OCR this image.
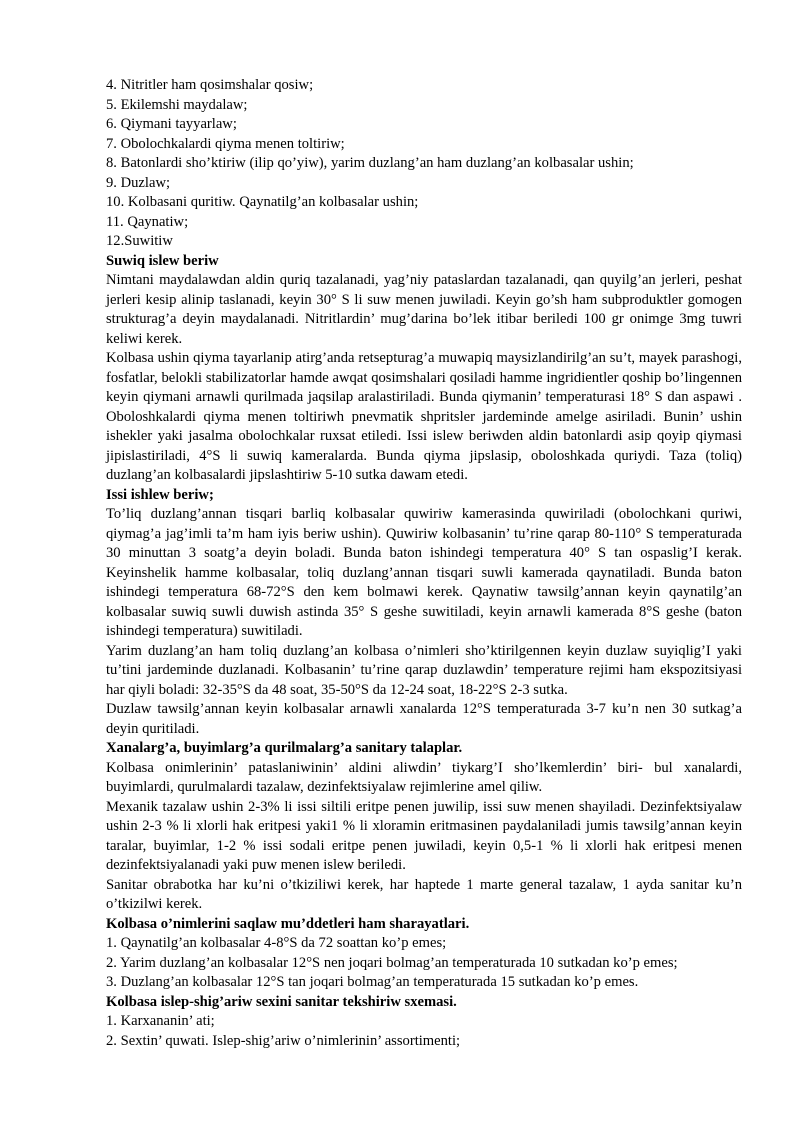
4. Nitritler ham qosimshalar qosiw;
5. Ekilemshi maydalaw;
6. Qiymani tayyarlaw;
7. Obolochkalardi qiyma menen toltiriw;
8. Batonlardi sho’ktiriw (ilip qo’yiw), yarim duzlang’an ham duzlang’an kolbasalar ushin;
9. Duzlaw;
10. Kolbasani quritiw. Qaynatilg’an kolbasalar ushin;
11. Qaynatiw;
12.Suwitiw
Suwiq islew beriw
Nimtani maydalawdan aldin quriq tazalanadi, yag’niy pataslardan tazalanadi, qan quyilg’an jerleri, peshat jerleri kesip alinip taslanadi, keyin 30° S li suw menen juwiladi. Keyin go’sh ham subproduktler gomogen strukturag’a deyin maydalanadi. Nitritlardin’ mug’darina bo’lek itibar beriledi 100 gr onimge 3mg tuwri keliwi kerek.
Kolbasa ushin qiyma tayarlanip atirg’anda retsepturag’a muwapiq maysizlandirilg’an su’t, mayek parashogi, fosfatlar, belokli stabilizatorlar hamde awqat qosimshalari qosiladi hamme ingridientler qoship bo’lingennen keyin qiymani arnawli qurilmada jaqsilap aralastiriladi. Bunda qiymanin’ temperaturasi 18° S dan aspawi . Oboloshkalardi qiyma menen toltiriwh pnevmatik shpritsler jardeminde amelge asiriladi. Bunin’ ushin ishekler yaki jasalma obolochkalar ruxsat etiledi. Issi islew beriwden aldin batonlardi asip qoyip qiymasi jipislastiriladi, 4°S li suwiq kameralarda. Bunda qiyma jipslasip, oboloshkada quriydi. Taza (toliq) duzlang’an kolbasalardi jipslashtiriw 5-10 sutka dawam etedi.
Issi ishlew beriw;
To’liq duzlang’annan tisqari barliq kolbasalar quwiriw kamerasinda quwiriladi (obolochkani quriwi, qiymag’a jag’imli ta’m ham iyis beriw ushin). Quwiriw kolbasanin’ tu’rine qarap 80-110° S temperaturada 30 minuttan 3 soatg’a deyin boladi. Bunda baton ishindegi temperatura 40° S tan ospaslig’I kerak. Keyinshelik hamme kolbasalar, toliq duzlang’annan tisqari suwli kamerada qaynatiladi. Bunda baton ishindegi temperatura 68-72°S den kem bolmawi kerek. Qaynatiw tawsilg’annan keyin qaynatilg’an kolbasalar suwiq suwli duwish astinda 35° S geshe suwitiladi, keyin arnawli kamerada 8°S geshe (baton ishindegi temperatura) suwitiladi.
Yarim duzlang’an ham toliq duzlang’an kolbasa o’nimleri sho’ktirilgennen keyin duzlaw suyiqlig’I yaki tu’tini jardeminde duzlanadi. Kolbasanin’ tu’rine qarap duzlawdin’ temperature rejimi ham ekspozitsiyasi har qiyli boladi: 32-35°S da 48 soat, 35-50°S da 12-24 soat, 18-22°S 2-3 sutka.
Duzlaw tawsilg’annan keyin kolbasalar arnawli xanalarda 12°S temperaturada 3-7 ku’n nen 30 sutkag’a deyin quritiladi.
Xanalarg’a, buyimlarg’a qurilmalarg’a sanitary talaplar.
Kolbasa onimlerinin’ pataslaniwinin’ aldini aliwdin’ tiykarg’I sho’lkemlerdin’ biri- bul xanalardi, buyimlardi, qurulmalardi tazalaw, dezinfektsiyalaw rejimlerine amel qiliw.
Mexanik tazalaw ushin 2-3% li issi siltili eritpe penen juwilip, issi suw menen shayiladi. Dezinfektsiyalaw ushin 2-3 % li xlorli hak eritpesi yaki1 % li xloramin eritmasinen paydalaniladi jumis tawsilg’annan keyin taralar, buyimlar, 1-2 % issi sodali eritpe penen juwiladi, keyin 0,5-1 % li xlorli hak eritpesi menen dezinfektsiyalanadi yaki puw menen islew beriledi.
Sanitar obrabotka har ku’ni o’tkiziliwi kerek, har haptede 1 marte general tazalaw, 1 ayda sanitar ku’n o’tkizilwi kerek.
Kolbasa o’nimlerini saqlaw mu’ddetleri ham sharayatlari.
1. Qaynatilg’an kolbasalar 4-8°S da 72 soattan ko’p emes;
2. Yarim duzlang’an kolbasalar 12°S nen joqari bolmag’an temperaturada 10 sutkadan ko’p emes;
3. Duzlang’an kolbasalar 12°S tan joqari bolmag’an temperaturada 15 sutkadan ko’p emes.
Kolbasa islep-shig’ariw sexini sanitar tekshiriw sxemasi.
1. Karxananin’ ati;
2. Sextin’ quwati. Islep-shig’ariw o’nimlerinin’ assortimenti;
